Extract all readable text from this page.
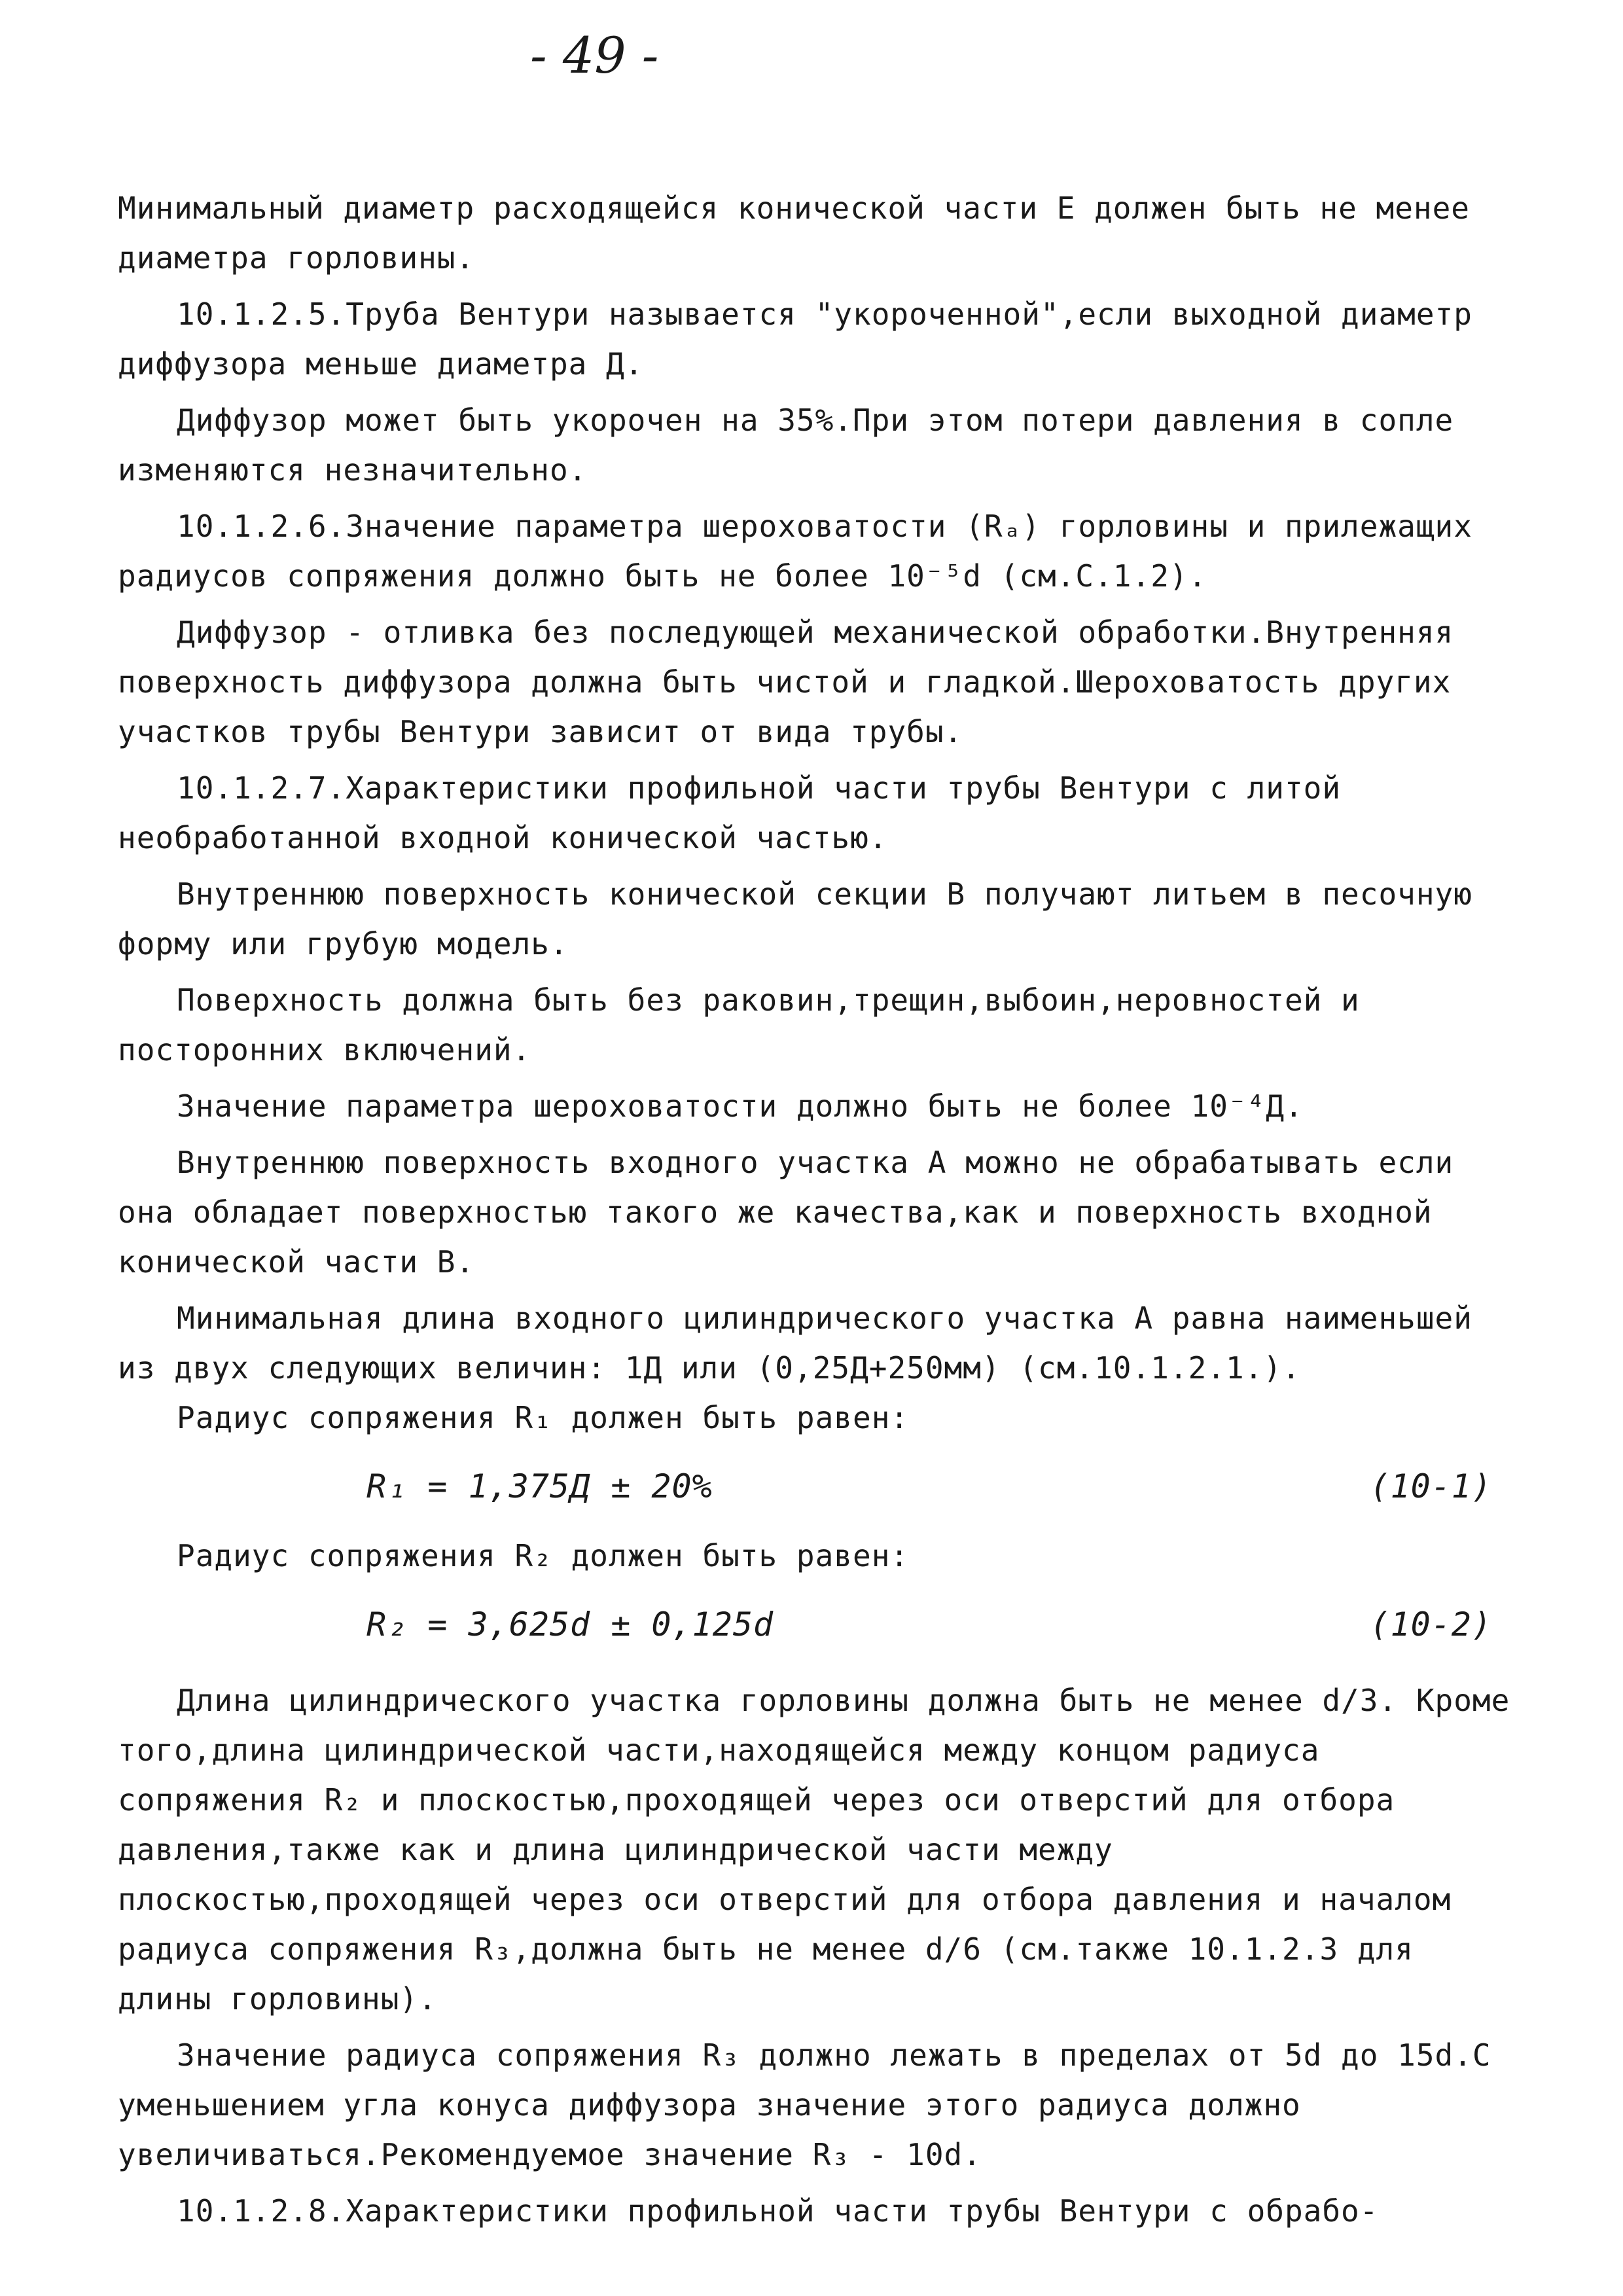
- 49 -

Минимальный диаметр расходящейся конической части Е должен быть не менее диаметра горловины.

10.1.2.5.Труба Вентури называется "укороченной",если выходной диаметр диффузора меньше диаметра Д.

Диффузор может быть укорочен на 35%.При этом потери давления в сопле изменяются незначительно.

10.1.2.6.Значение параметра шероховатости (Rₐ) горловины и прилежащих радиусов сопряжения должно быть не более 10⁻⁵d (см.С.1.2).

Диффузор - отливка без последующей механической обработки.Внутренняя поверхность диффузора должна быть чистой и гладкой.Шероховатость других участков трубы Вентури зависит от вида трубы.

10.1.2.7.Характеристики профильной части трубы Вентури с литой необработанной входной конической частью.

Внутреннюю поверхность конической секции В получают литьем в песочную форму или грубую модель.

Поверхность должна быть без раковин,трещин,выбоин,неровностей и посторонних включений.

Значение параметра шероховатости должно быть не более 10⁻⁴Д.

Внутреннюю поверхность входного участка А можно не обрабатывать если она обладает поверхностью такого же качества,как и поверхность входной конической части В.

Минимальная длина входного цилиндрического участка А равна наименьшей из двух следующих величин: 1Д или (0,25Д+250мм) (см.10.1.2.1.).

Радиус сопряжения R₁ должен быть равен:

R₁ = 1,375Д ± 20%	(10-1)

Радиус сопряжения R₂ должен быть равен:

R₂ = 3,625d ± 0,125d	(10-2)

Длина цилиндрического участка горловины должна быть не менее d/3. Кроме того,длина цилиндрической части,находящейся между концом радиуса сопряжения R₂ и плоскостью,проходящей через оси отверстий для отбора давления,также как и длина цилиндрической части между плоскостью,проходящей через оси отверстий для отбора давления и началом радиуса сопряжения R₃,должна быть не менее d/6 (см.также 10.1.2.3 для длины горловины).

Значение радиуса сопряжения R₃ должно лежать в пределах от 5d до 15d.С уменьшением угла конуса диффузора значение этого радиуса должно увеличиваться.Рекомендуемое значение R₃ - 10d.

10.1.2.8.Характеристики профильной части трубы Вентури с обрабо-
